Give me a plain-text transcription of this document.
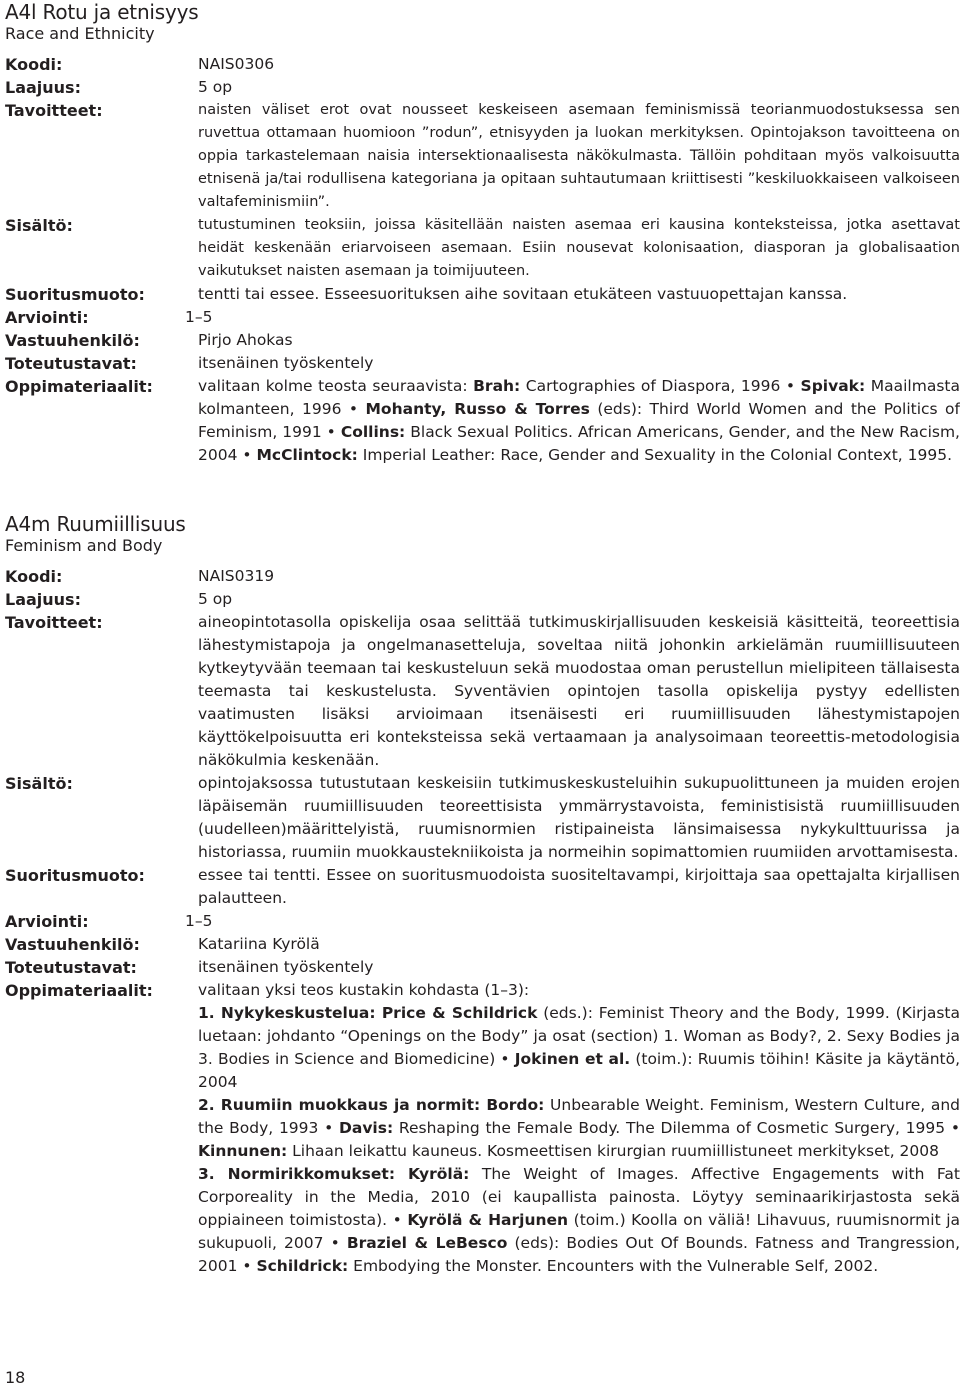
A4l Rotu ja etnisyys
Race and Ethnicity
Koodi:	NAIS0306
Laajuus:	5 op
Tavoitteet:	naisten väliset erot ovat nousseet keskeiseen asemaan feminismissä teorianmuodostuksessa sen ruvettua ottamaan huomioon ”rodun”, etnisyyden ja luokan merkityksen. Opintojakson tavoitteena on oppia tarkastelemaan naisia intersektionaalisesta näkökulmasta. Tällöin pohditaan myös valkoisuutta etnisenä ja/tai rodullisena kategoriana ja opitaan suhtautumaan kriittisesti ”keskiluokkaiseen valkoiseen valtafeminismiin”.
Sisältö:	tutustuminen teoksiin, joissa käsitellään naisten asemaa eri kausina konteksteissa, jotka asettavat heidät keskenään eriarvoiseen asemaan. Esiin nousevat kolonisaation, diasporan ja globalisaation vaikutukset naisten asemaan ja toimijuuteen.
Suoritusmuoto:	tentti tai essee. Esseesuorituksen aihe sovitaan etukäteen vastuuopettajan kanssa.
Arviointi:	1–5
Vastuuhenkilö:	Pirjo Ahokas
Toteutustavat:	itsenäinen työskentely
Oppimateriaalit:	valitaan kolme teosta seuraavista: Brah: Cartographies of Diaspora, 1996 • Spivak: Maailmasta kolmanteen, 1996 • Mohanty, Russo & Torres (eds): Third World Women and the Politics of Feminism, 1991 • Collins: Black Sexual Politics. African Americans, Gender, and the New Racism, 2004 • McClintock: Imperial Leather: Race, Gender and Sexuality in the Colonial Context, 1995.
A4m Ruumiillisuus
Feminism and Body
Koodi:	NAIS0319
Laajuus:	5 op
Tavoitteet:	aineopintotasolla opiskelija osaa selittää tutkimuskirjallisuuden keskeisiä käsitteitä, teoreettisia lähestymistapoja ja ongelmanasetteluja, soveltaa niitä johonkin arkielämän ruumiillisuuteen kytkeytyvään teemaan tai keskusteluun sekä muodostaa oman perustellun mielipiteen tällaisesta teemasta tai keskustelusta. Syventävien opintojen tasolla opiskelija pystyy edellisten vaatimusten lisäksi arvioimaan itsenäisesti eri ruumiillisuuden lähestymistapojen käyttökelpoisuutta eri konteksteissa sekä vertaamaan ja analysoimaan teoreettis-metodologisia näkökulmia keskenään.
Sisältö:	opintojaksossa tutustutaan keskeisiin tutkimuskeskusteluihin sukupuolittuneen ja muiden erojen läpäisemän ruumiillisuuden teoreettisista ymmärrystavoista, feministisistä ruumiillisuuden (uudelleen)määrittelyistä, ruumisnormien ristipaineista länsimaisessa nykykulttuurissa ja historiassa, ruumiin muokkaustekniikoista ja normeihin sopimattomien ruumiiden arvottamisesta.
Suoritusmuoto:	essee tai tentti. Essee on suoritusmuodoista suositeltavampi, kirjoittaja saa opettajalta kirjallisen palautteen.
Arviointi:	1–5
Vastuuhenkilö:	Katariina Kyrölä
Toteutustavat:	itsenäinen työskentely
Oppimateriaalit:	valitaan yksi teos kustakin kohdasta (1–3):
1. Nykykeskustelua: Price & Schildrick (eds.): Feminist Theory and the Body, 1999. (Kirjasta luetaan: johdanto “Openings on the Body” ja osat (section) 1. Woman as Body?, 2. Sexy Bodies ja 3. Bodies in Science and Biomedicine) • Jokinen et al. (toim.): Ruumis töihin! Käsite ja käytäntö, 2004
2. Ruumiin muokkaus ja normit: Bordo: Unbearable Weight. Feminism, Western Culture, and the Body, 1993 • Davis: Reshaping the Female Body. The Dilemma of Cosmetic Surgery, 1995 • Kinnunen: Lihaan leikattu kauneus. Kosmeettisen kirurgian ruumiillistuneet merkitykset, 2008
3. Normirikkomukset: Kyrölä: The Weight of Images. Affective Engagements with Fat Corporeality in the Media, 2010 (ei kaupallista painosta. Löytyy seminaarikirjastosta sekä oppiaineen toimistosta). • Kyrölä & Harjunen (toim.) Koolla on väliä! Lihavuus, ruumisnormit ja sukupuoli, 2007 • Braziel & LeBesco (eds): Bodies Out Of Bounds. Fatness and Trangression, 2001 • Schildrick: Embodying the Monster. Encounters with the Vulnerable Self, 2002.
18
